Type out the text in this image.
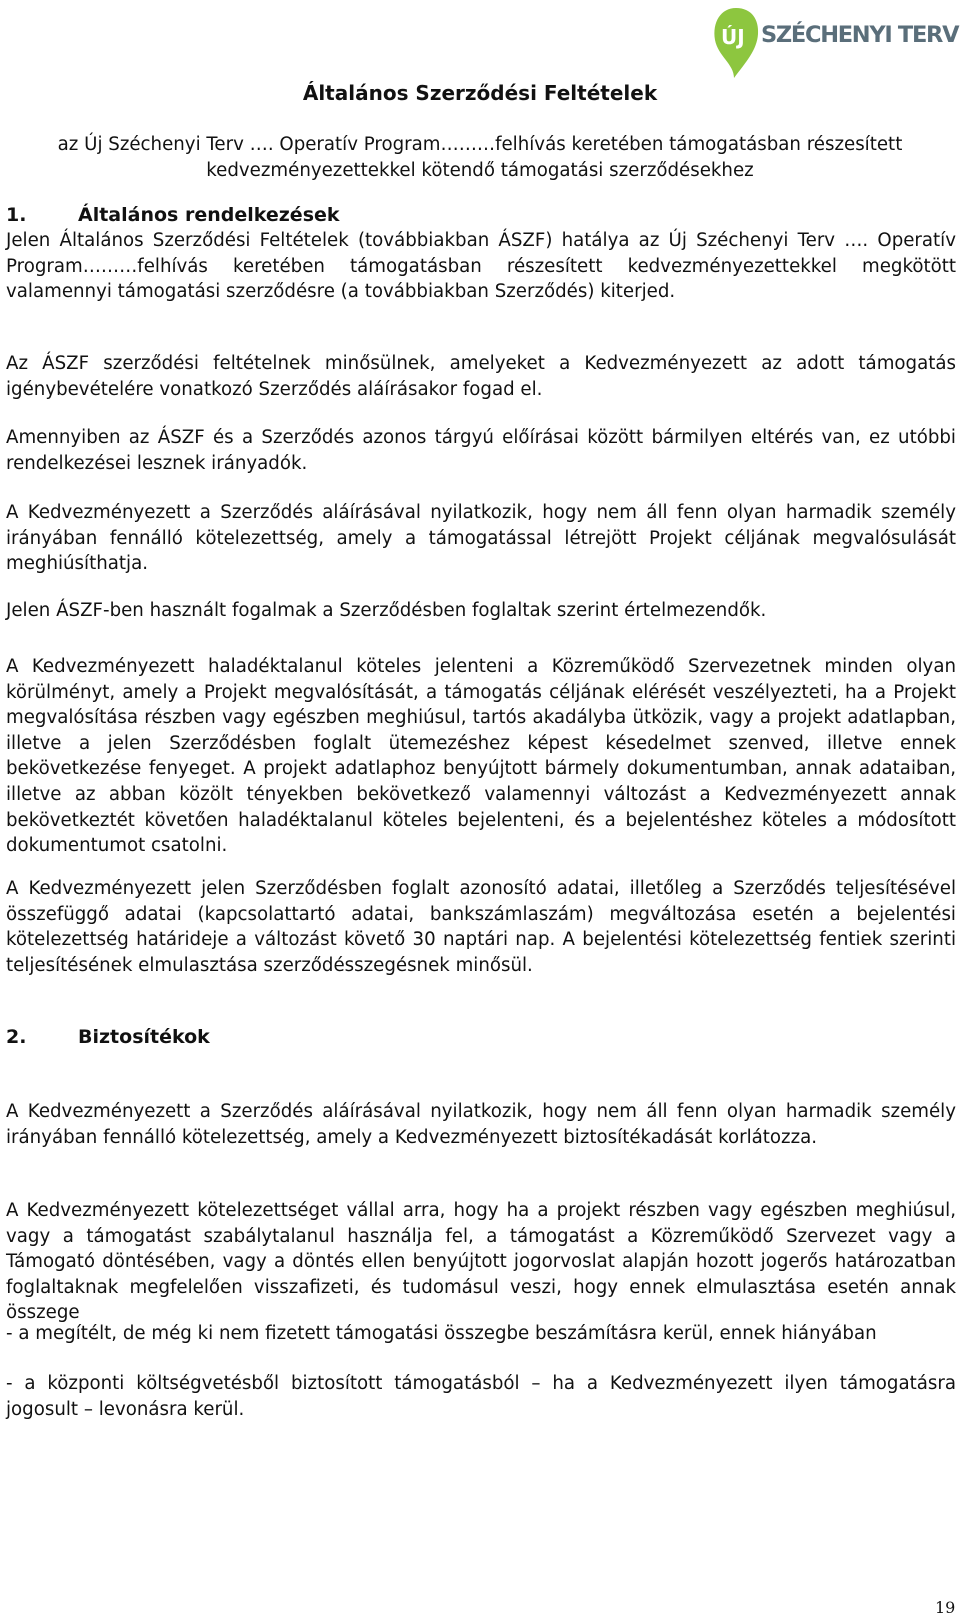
ÚJ SZÉCHENYI TERV
Általános Szerződési Feltételek

az Új Széchenyi Terv …. Operatív Program………felhívás keretében támogatásban részesített kedvezményezettekkel kötendő támogatási szerződésekhez

1.	Általános rendelkezések

Jelen Általános Szerződési Feltételek (továbbiakban ÁSZF) hatálya az Új Széchenyi Terv …. Operatív Program………felhívás keretében támogatásban részesített kedvezményezettekkel megkötött valamennyi támogatási szerződésre (a továbbiakban Szerződés) kiterjed.

Az ÁSZF szerződési feltételnek minősülnek, amelyeket a Kedvezményezett az adott támogatás igénybevételére vonatkozó Szerződés aláírásakor fogad el.

Amennyiben az ÁSZF és a Szerződés azonos tárgyú előírásai között bármilyen eltérés van, ez utóbbi rendelkezései lesznek irányadók.

A Kedvezményezett a Szerződés aláírásával nyilatkozik, hogy nem áll fenn olyan harmadik személy irányában fennálló kötelezettség, amely a támogatással létrejött Projekt céljának megvalósulását meghiúsíthatja.

Jelen ÁSZF-ben használt fogalmak a Szerződésben foglaltak szerint értelmezendők.

A Kedvezményezett haladéktalanul köteles jelenteni a Közreműködő Szervezetnek minden olyan körülményt, amely a Projekt megvalósítását, a támogatás céljának elérését veszélyezteti, ha a Projekt megvalósítása részben vagy egészben meghiúsul, tartós akadályba ütközik, vagy a projekt adatlapban, illetve a jelen Szerződésben foglalt ütemezéshez képest késedelmet szenved, illetve ennek bekövetkezése fenyeget. A projekt adatlaphoz benyújtott bármely dokumentumban, annak adataiban, illetve az abban közölt tényekben bekövetkező valamennyi változást a Kedvezményezett annak bekövetkeztét követően haladéktalanul köteles bejelenteni, és a bejelentéshez köteles a módosított dokumentumot csatolni.

A Kedvezményezett jelen Szerződésben foglalt azonosító adatai, illetőleg a Szerződés teljesítésével összefüggő adatai (kapcsolattartó adatai, bankszámlaszám) megváltozása esetén a bejelentési kötelezettség határideje a változást követő 30 naptári nap. A bejelentési kötelezettség fentiek szerinti teljesítésének elmulasztása szerződésszegésnek minősül.

2.	Biztosítékok

A Kedvezményezett a Szerződés aláírásával nyilatkozik, hogy nem áll fenn olyan harmadik személy irányában fennálló kötelezettség, amely a Kedvezményezett biztosítékadását korlátozza.

A Kedvezményezett kötelezettséget vállal arra, hogy ha a projekt részben vagy egészben meghiúsul, vagy a támogatást szabálytalanul használja fel, a támogatást a Közreműködő Szervezet vagy a Támogató döntésében, vagy a döntés ellen benyújtott jogorvoslat alapján hozott jogerős határozatban foglaltaknak megfelelően visszafizeti, és tudomásul veszi, hogy ennek elmulasztása esetén annak összege

- a megítélt, de még ki nem fizetett támogatási összegbe beszámításra kerül, ennek hiányában

- a központi költségvetésből biztosított támogatásból – ha a Kedvezményezett ilyen támogatásra jogosult – levonásra kerül.

19
